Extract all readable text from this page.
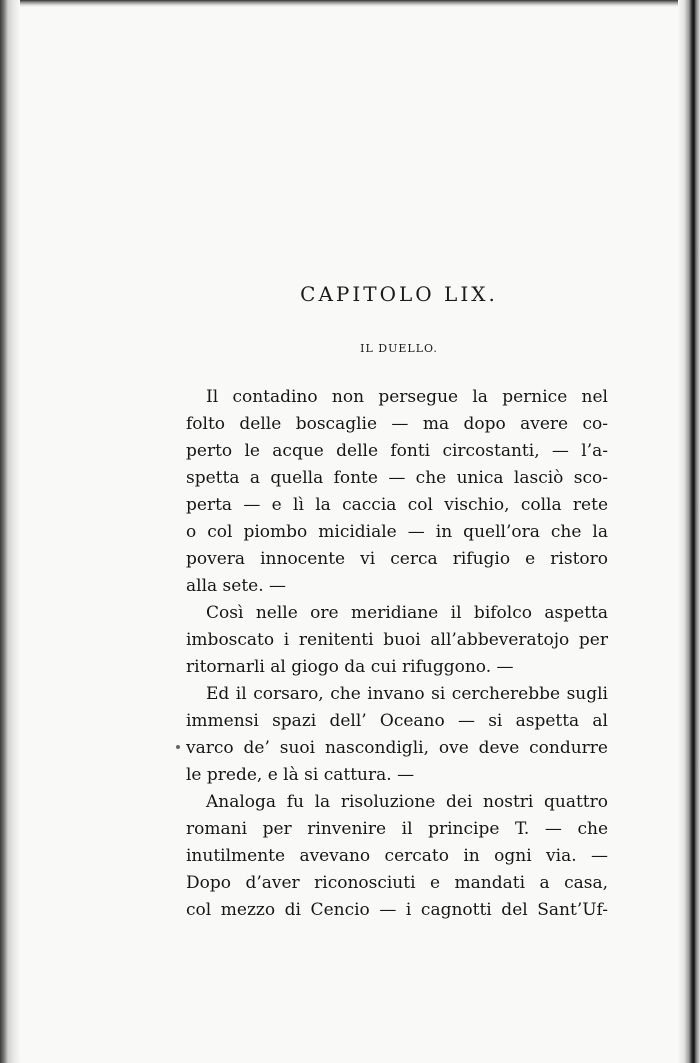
CAPITOLO LIX.
IL DUELLO.
Il contadino non persegue la pernice nel
folto delle boscaglie — ma dopo avere co-
perto le acque delle fonti circostanti, — l’a-
spetta a quella fonte — che unica lasciò sco-
perta — e lì la caccia col vischio, colla rete
o col piombo micidiale — in quell’ora che la
povera innocente vi cerca rifugio e ristoro
alla sete. —
Così nelle ore meridiane il bifolco aspetta
imboscato i renitenti buoi all’abbeveratojo per
ritornarli al giogo da cui rifuggono. —
Ed il corsaro, che invano si cercherebbe sugli
immensi spazi dell’ Oceano — si aspetta al
varco de’ suoi nascondigli, ove deve condurre
le prede, e là si cattura. —
Analoga fu la risoluzione dei nostri quattro
romani per rinvenire il principe T. — che
inutilmente avevano cercato in ogni via. —
Dopo d’aver riconosciuti e mandati a casa,
col mezzo di Cencio — i cagnotti del Sant’Uf-
